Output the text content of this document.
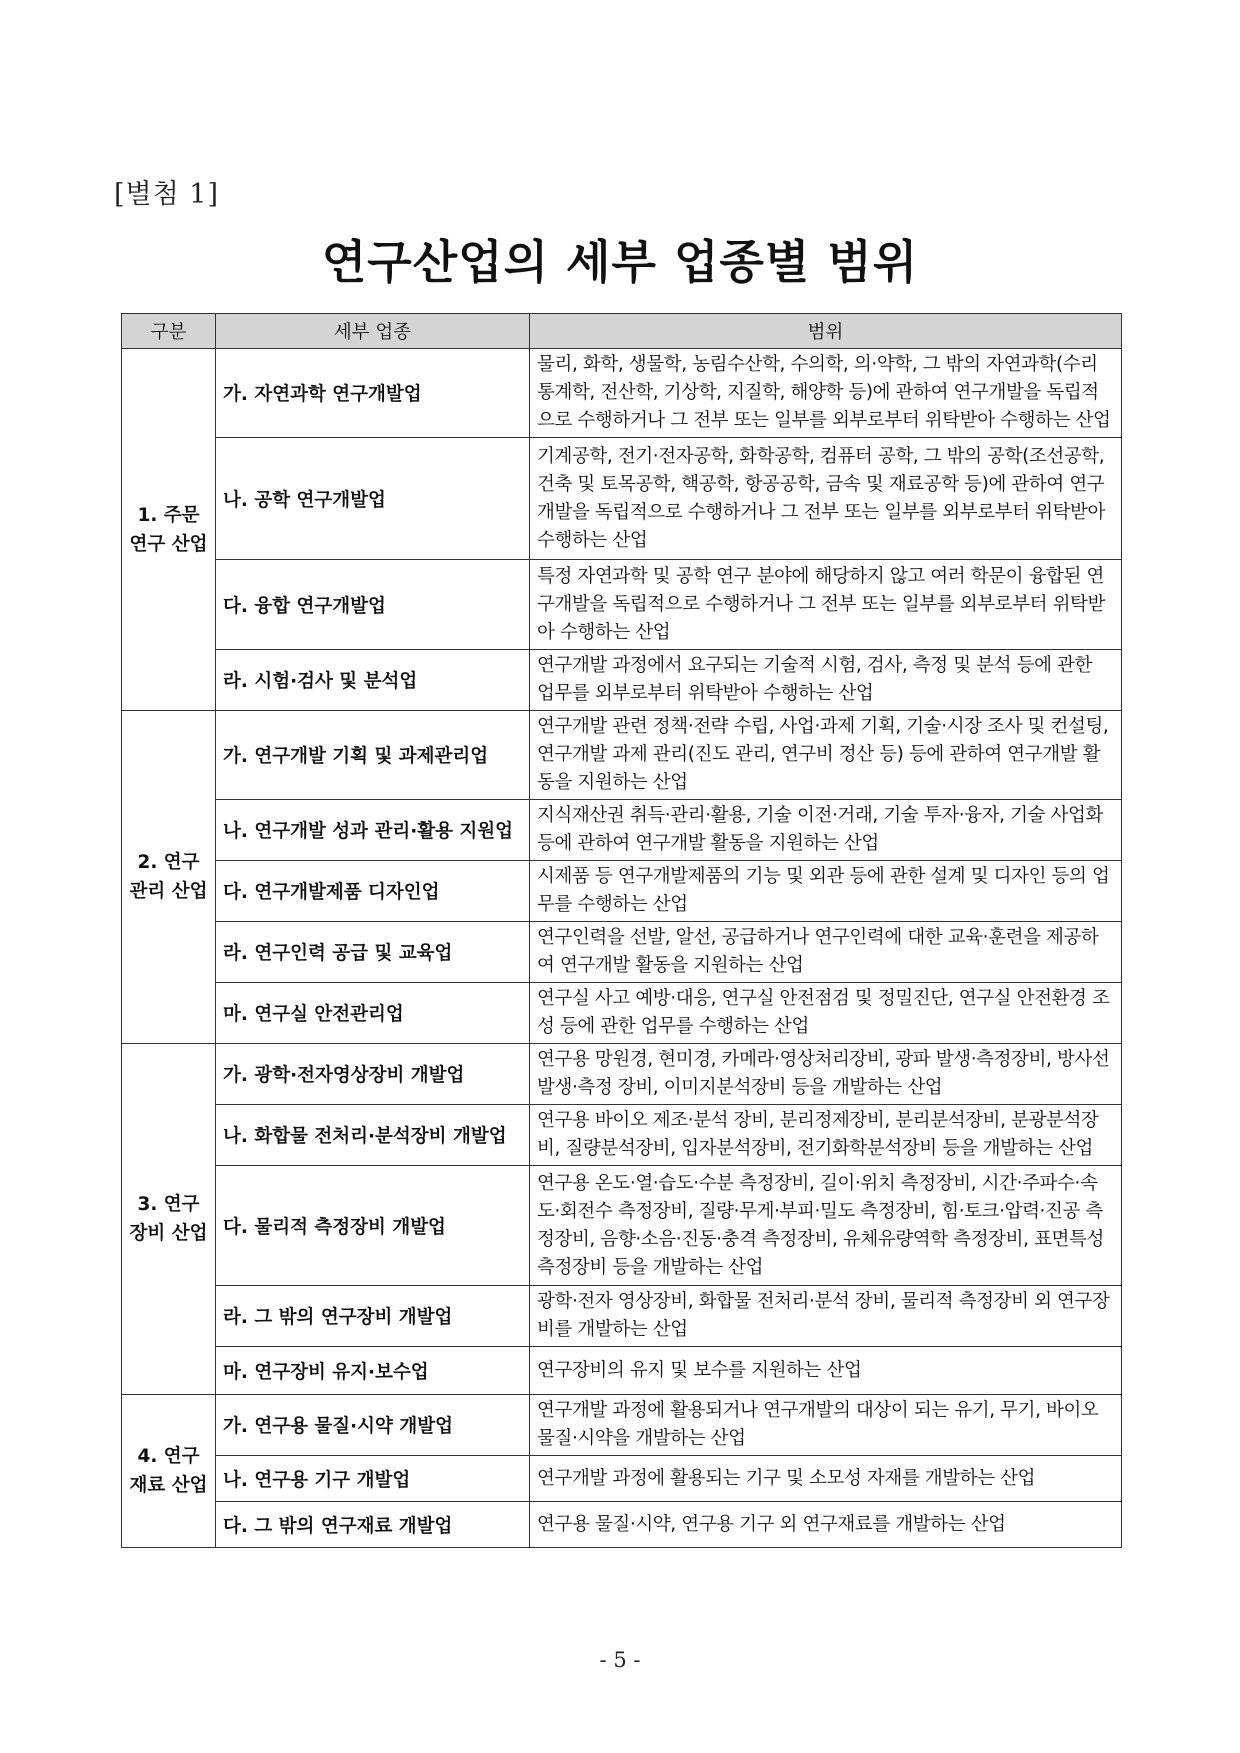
[별첨 1]
연구산업의 세부 업종별 범위
구분	세부 업종	범위
1. 주문 연구 산업	가. 자연과학 연구개발업	물리, 화학, 생물학, 농림수산학, 수의학, 의·약학, 그 밖의 자연과학(수리통계학, 전산학, 기상학, 지질학, 해양학 등)에 관하여 연구개발을 독립적으로 수행하거나 그 전부 또는 일부를 외부로부터 위탁받아 수행하는 산업
	나. 공학 연구개발업	기계공학, 전기·전자공학, 화학공학, 컴퓨터 공학, 그 밖의 공학(조선공학, 건축 및 토목공학, 핵공학, 항공공학, 금속 및 재료공학 등)에 관하여 연구개발을 독립적으로 수행하거나 그 전부 또는 일부를 외부로부터 위탁받아 수행하는 산업
	다. 융합 연구개발업	특정 자연과학 및 공학 연구 분야에 해당하지 않고 여러 학문이 융합된 연구개발을 독립적으로 수행하거나 그 전부 또는 일부를 외부로부터 위탁받아 수행하는 산업
	라. 시험·검사 및 분석업	연구개발 과정에서 요구되는 기술적 시험, 검사, 측정 및 분석 등에 관한 업무를 외부로부터 위탁받아 수행하는 산업
2. 연구 관리 산업	가. 연구개발 기획 및 과제관리업	연구개발 관련 정책·전략 수립, 사업·과제 기획, 기술·시장 조사 및 컨설팅, 연구개발 과제 관리(진도 관리, 연구비 정산 등) 등에 관하여 연구개발 활동을 지원하는 산업
	나. 연구개발 성과 관리·활용 지원업	지식재산권 취득·관리·활용, 기술 이전·거래, 기술 투자·융자, 기술 사업화 등에 관하여 연구개발 활동을 지원하는 산업
	다. 연구개발제품 디자인업	시제품 등 연구개발제품의 기능 및 외관 등에 관한 설계 및 디자인 등의 업무를 수행하는 산업
	라. 연구인력 공급 및 교육업	연구인력을 선발, 알선, 공급하거나 연구인력에 대한 교육·훈련을 제공하여 연구개발 활동을 지원하는 산업
	마. 연구실 안전관리업	연구실 사고 예방·대응, 연구실 안전점검 및 정밀진단, 연구실 안전환경 조성 등에 관한 업무를 수행하는 산업
3. 연구 장비 산업	가. 광학·전자영상장비 개발업	연구용 망원경, 현미경, 카메라·영상처리장비, 광파 발생·측정장비, 방사선 발생·측정 장비, 이미지분석장비 등을 개발하는 산업
	나. 화합물 전처리·분석장비 개발업	연구용 바이오 제조·분석 장비, 분리정제장비, 분리분석장비, 분광분석장비, 질량분석장비, 입자분석장비, 전기화학분석장비 등을 개발하는 산업
	다. 물리적 측정장비 개발업	연구용 온도·열·습도·수분 측정장비, 길이·위치 측정장비, 시간·주파수·속도·회전수 측정장비, 질량·무게·부피·밀도 측정장비, 힘·토크·압력·진공 측정장비, 음향·소음·진동·충격 측정장비, 유체유량역학 측정장비, 표면특성 측정장비 등을 개발하는 산업
	라. 그 밖의 연구장비 개발업	광학·전자 영상장비, 화합물 전처리·분석 장비, 물리적 측정장비 외 연구장비를 개발하는 산업
	마. 연구장비 유지·보수업	연구장비의 유지 및 보수를 지원하는 산업
4. 연구 재료 산업	가. 연구용 물질·시약 개발업	연구개발 과정에 활용되거나 연구개발의 대상이 되는 유기, 무기, 바이오 물질·시약을 개발하는 산업
	나. 연구용 기구 개발업	연구개발 과정에 활용되는 기구 및 소모성 자재를 개발하는 산업
	다. 그 밖의 연구재료 개발업	연구용 물질·시약, 연구용 기구 외 연구재료를 개발하는 산업
- 5 -
